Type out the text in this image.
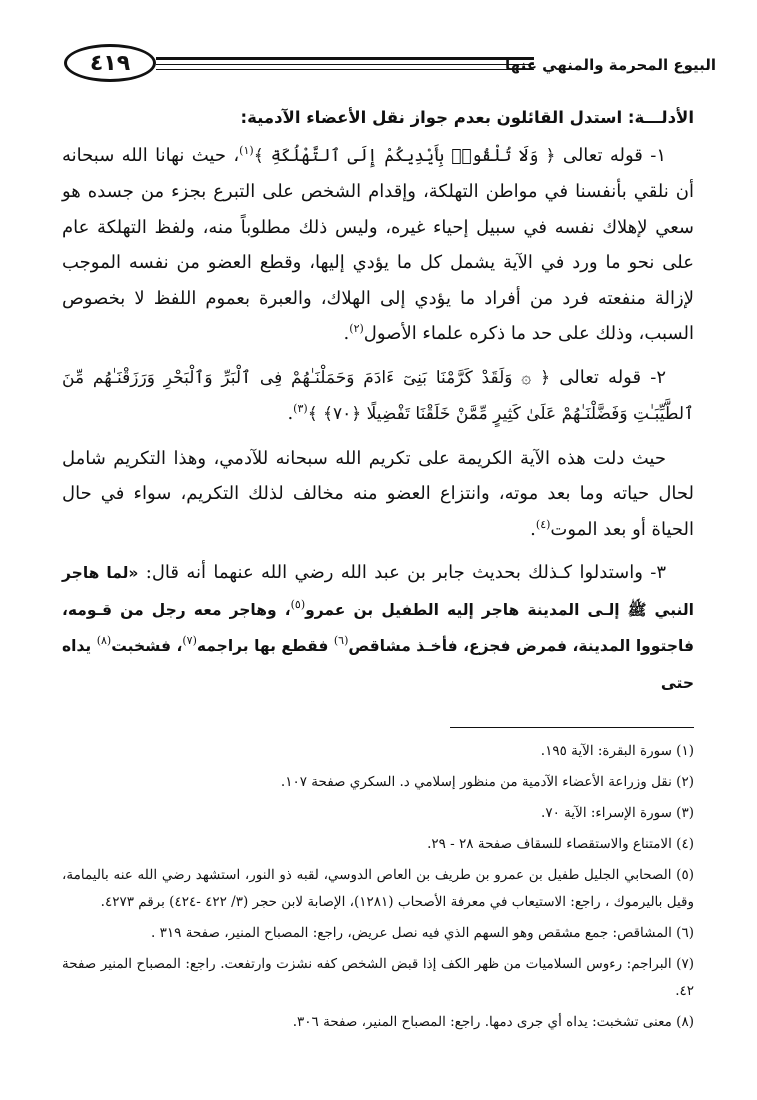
٤١٩	البيوع المحرمة والمنهي عنها

الأدلـــة: استدل القائلون بعدم جواز نقل الأعضاء الآدمية:

١- قوله تعالى ﴿ وَلَا تُلْقُوا۟ بِأَيْدِيكُمْ إِلَى ٱلتَّهْلُكَةِ ﴾$^{(١)}$، حيث نهانا الله سبحانه أن نلقي بأنفسنا في مواطن التهلكة، وإقدام الشخص على التبرع بجزء من جسده هو سعي لإهلاك نفسه في سبيل إحياء غيره، وليس ذلك مطلوباً منه، ولفظ التهلكة عام على نحو ما ورد في الآية يشمل كل ما يؤدي إليها، وقطع العضو من نفسه الموجب لإزالة منفعته فرد من أفراد ما يؤدي إلى الهلاك، والعبرة بعموم اللفظ لا بخصوص السبب، وذلك على حد ما ذكره علماء الأصول$^{(٢)}$.

٢- قوله تعالى ﴿ ۞ وَلَقَدْ كَرَّمْنَا بَنِىٓ ءَادَمَ وَحَمَلْنَـٰهُمْ فِى ٱلْبَرِّ وَٱلْبَحْرِ وَرَزَقْنَـٰهُم مِّنَ ٱلطَّيِّبَـٰتِ وَفَضَّلْنَـٰهُمْ عَلَىٰ كَثِيرٍ مِّمَّنْ خَلَقْنَا تَفْضِيلًا ﴿٧٠﴾ ﴾$^{(٣)}$.

حيث دلت هذه الآية الكريمة على تكريم الله سبحانه للآدمي، وهذا التكريم شامل لحال حياته وما بعد موته، وانتزاع العضو منه مخالف لذلك التكريم، سواء في حال الحياة أو بعد الموت$^{(٤)}$.

٣- واستدلوا كـذلك بحديث جابر بن عبد الله رضي الله عنهما أنه قال: «لما هاجر النبي ﷺ إلـى المدينة هاجر إليه الطفيل بن عمرو$^{(٥)}$، وهاجر معه رجل من قـومه، فاجتووا المدينة، فمرض فجزع، فأخـذ مشاقص$^{(٦)}$ فقطع بها براجمه$^{(٧)}$، فشخبت$^{(٨)}$ يداه حتى

(١) سورة البقرة: الآية ١٩٥.

(٢) نقل وزراعة الأعضاء الآدمية من منظور إسلامي د. السكري صفحة ١٠٧.

(٣) سورة الإسراء: الآية ٧٠.

(٤) الامتناع والاستقصاء للسقاف صفحة ٢٨ - ٢٩.

(٥) الصحابي الجليل طفيل بن عمرو بن طريف بن العاص الدوسي، لقبه ذو النور، استشهد رضي الله عنه باليمامة، وقيل باليرموك ، راجع: الاستيعاب في معرفة الأصحاب (١٢٨١)، الإصابة لابن حجر (٣/ ٤٢٢ -٤٢٤) برقم ٤٢٧٣.

(٦) المشاقص: جمع مشقص وهو السهم الذي فيه نصل عريض، راجع: المصباح المنير، صفحة ٣١٩ .

(٧) البراجم: رءوس السلاميات من ظهر الكف إذا قبض الشخص كفه نشزت وارتفعت. راجع: المصباح المنير صفحة ٤٢.

(٨) معنى تشخبت: يداه أي جرى دمها. راجع: المصباح المنير، صفحة ٣٠٦.
